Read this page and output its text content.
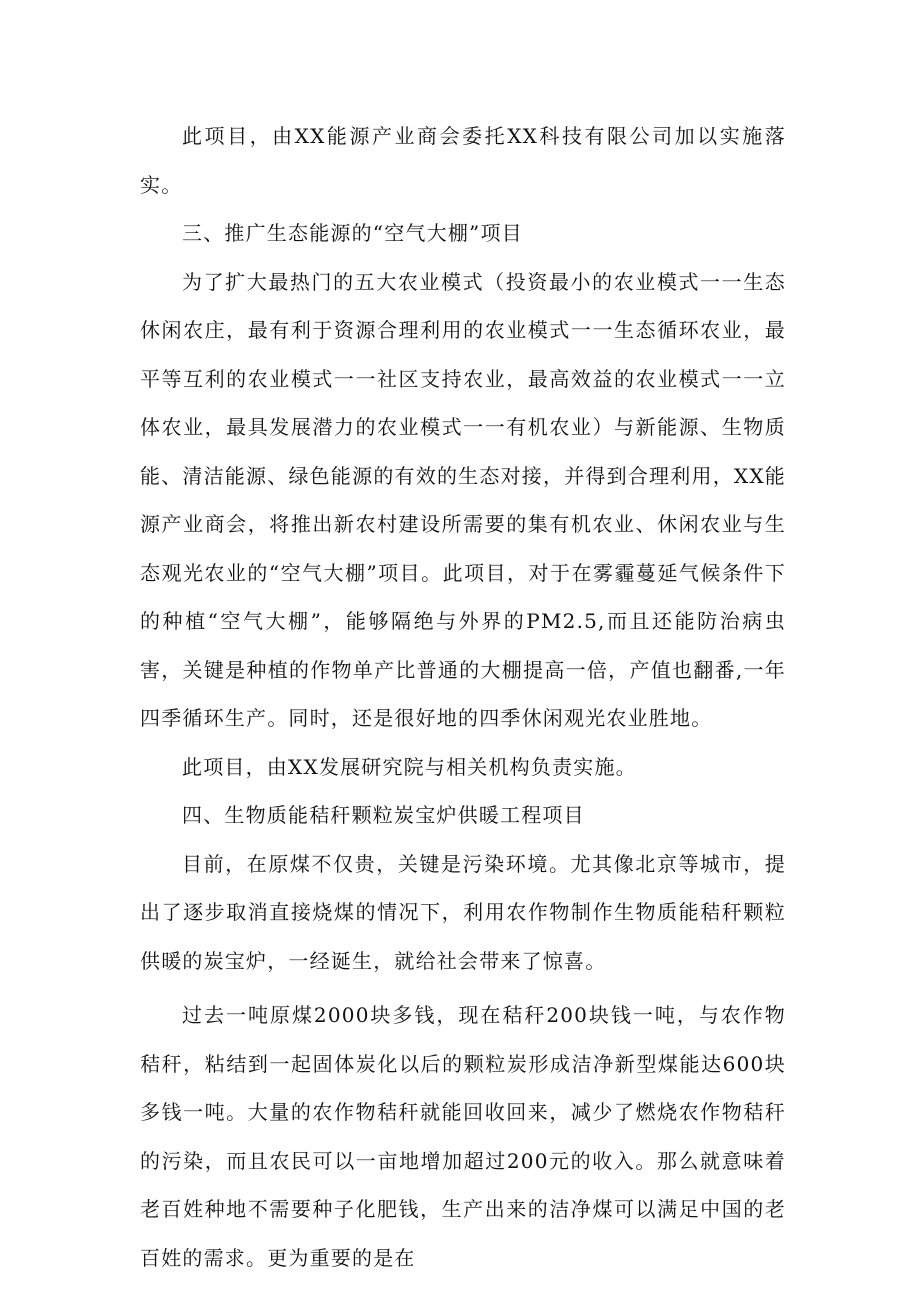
此项目，由XX能源产业商会委托XX科技有限公司加以实施落实。

三、推广生态能源的“空气大棚”项目

为了扩大最热门的五大农业模式（投资最小的农业模式一一生态休闲农庄，最有利于资源合理利用的农业模式一一生态循环农业，最平等互利的农业模式一一社区支持农业，最高效益的农业模式一一立体农业，最具发展潜力的农业模式一一有机农业）与新能源、生物质能、清洁能源、绿色能源的有效的生态对接，并得到合理利用，XX能源产业商会，将推出新农村建设所需要的集有机农业、休闲农业与生态观光农业的“空气大棚”项目。此项目，对于在雾霾蔓延气候条件下的种植“空气大棚”，能够隔绝与外界的PM2.5,而且还能防治病虫害，关键是种植的作物单产比普通的大棚提高一倍，产值也翻番,一年四季循环生产。同时，还是很好地的四季休闲观光农业胜地。

此项目，由XX发展研究院与相关机构负责实施。

四、生物质能秸秆颗粒炭宝炉供暖工程项目

目前，在原煤不仅贵，关键是污染环境。尤其像北京等城市，提出了逐步取消直接烧煤的情况下，利用农作物制作生物质能秸秆颗粒供暖的炭宝炉，一经诞生，就给社会带来了惊喜。

过去一吨原煤2000块多钱，现在秸秆200块钱一吨，与农作物秸秆，粘结到一起固体炭化以后的颗粒炭形成洁净新型煤能达600块多钱一吨。大量的农作物秸秆就能回收回来，减少了燃烧农作物秸秆的污染，而且农民可以一亩地增加超过200元的收入。那么就意味着老百姓种地不需要种子化肥钱，生产出来的洁净煤可以满足中国的老百姓的需求。更为重要的是在
